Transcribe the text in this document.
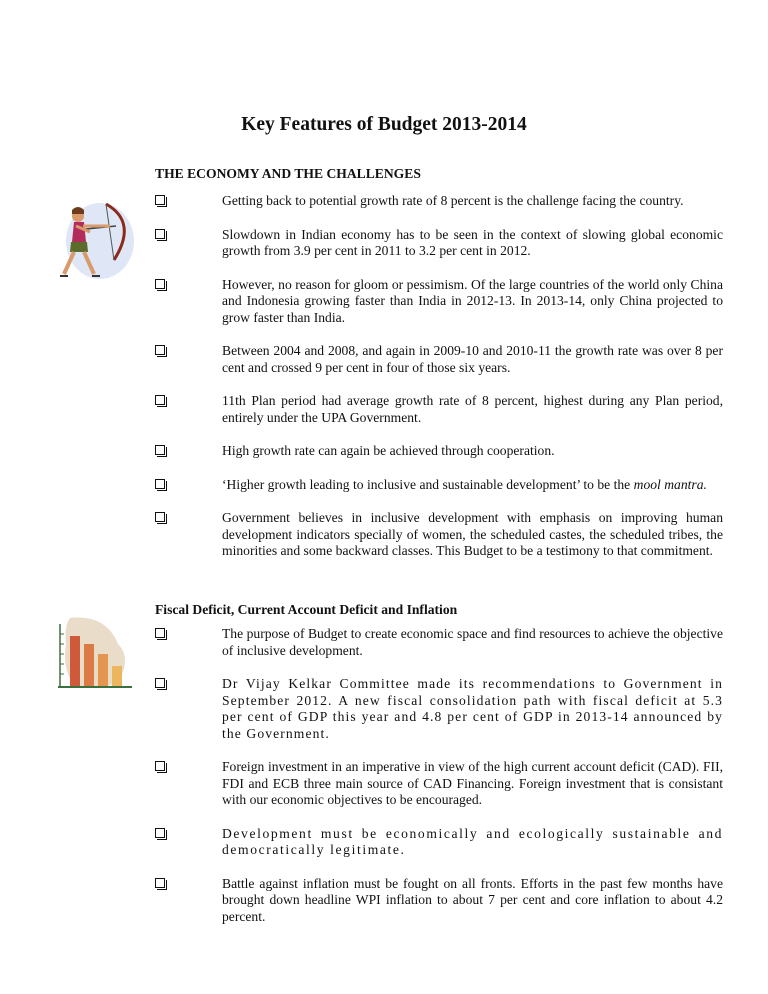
Key Features of Budget 2013-2014
THE ECONOMY AND THE CHALLENGES
Getting back to potential growth rate of 8 percent is the challenge facing the country.
Slowdown in Indian economy has to be seen in the context of slowing global economic growth from 3.9 per cent in 2011 to 3.2 per cent in 2012.
However, no reason for gloom or pessimism. Of the large countries of the world only China and Indonesia growing faster than India in 2012-13. In 2013-14, only China projected to grow faster than India.
Between 2004 and 2008, and again in 2009-10 and 2010-11 the growth rate was over 8 per cent and crossed 9 per cent in four of those six years.
11th Plan period had average growth rate of 8 percent, highest during any Plan period, entirely under the UPA Government.
High growth rate can again be achieved through cooperation.
‘Higher growth leading to inclusive and sustainable development’ to be the mool mantra.
Government believes in inclusive development with emphasis on improving human development indicators specially of women, the scheduled castes, the scheduled tribes, the minorities and some backward classes. This Budget to be a testimony to that commitment.
Fiscal Deficit, Current Account Deficit and Inflation
The purpose of Budget to create economic space and find resources to achieve the objective of inclusive development.
Dr Vijay Kelkar Committee made its recommendations to Government in September 2012. A new fiscal consolidation path with fiscal deficit at 5.3 per cent of GDP this year and 4.8 per cent of GDP in 2013-14 announced by the Government.
Foreign investment in an imperative in view of the high current account deficit (CAD). FII, FDI and ECB three main source of CAD Financing. Foreign investment that is consistant with our economic objectives to be encouraged.
Development must be economically and ecologically sustainable and democratically legitimate.
Battle against inflation must be fought on all fronts. Efforts in the past few months have brought down headline WPI inflation to about 7 per cent and core inflation to about 4.2 percent.
